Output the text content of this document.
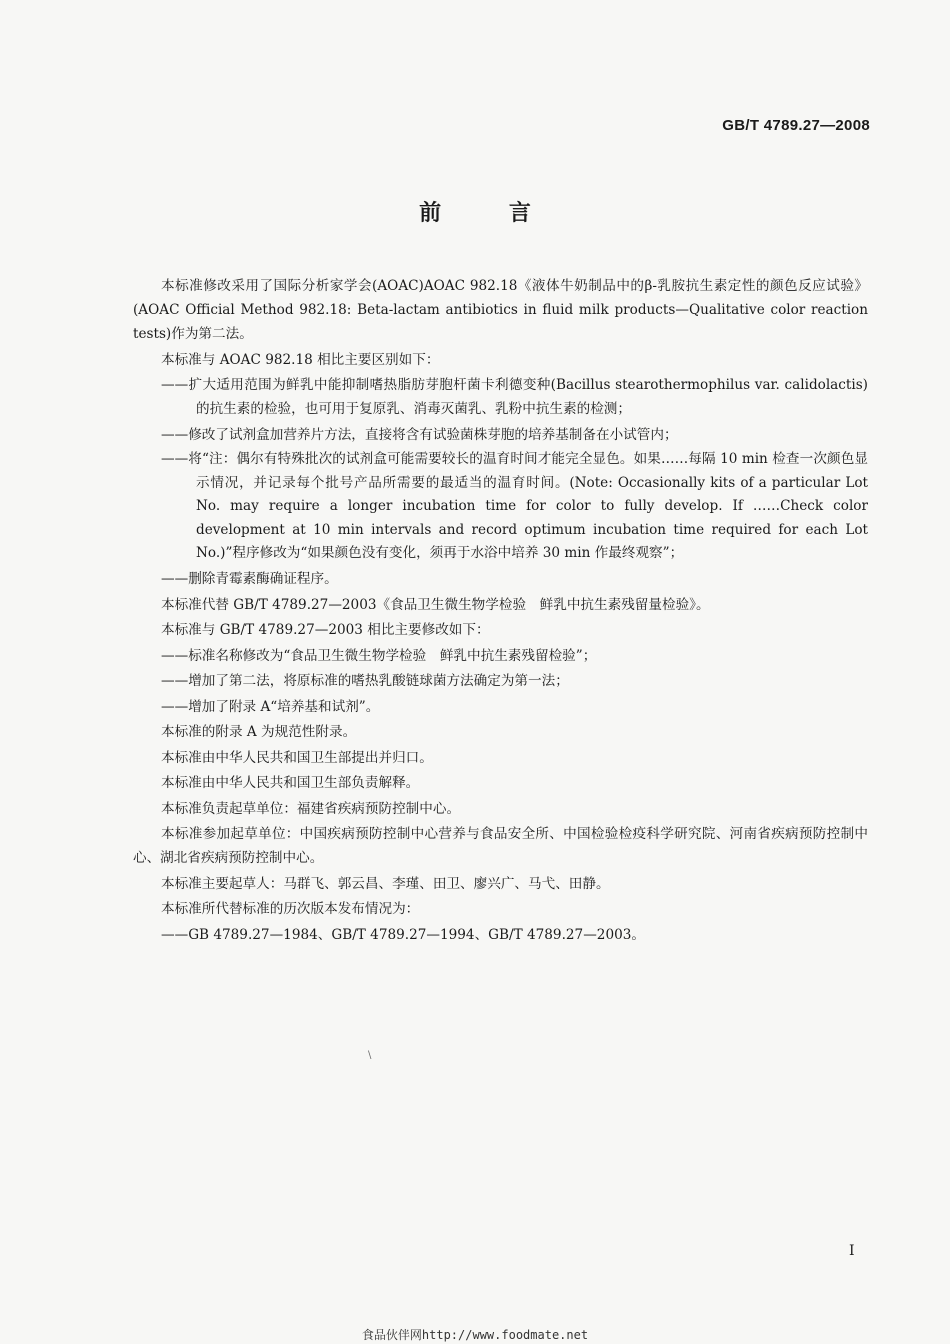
GB/T 4789.27—2008
前 言

本标准修改采用了国际分析家学会(AOAC)AOAC 982.18《液体牛奶制品中的β-乳胺抗生素定性的颜色反应试验》(AOAC Official Method 982.18: Beta-lactam antibiotics in fluid milk products—Qualitative color reaction tests)作为第二法。

本标准与 AOAC 982.18 相比主要区别如下：

——扩大适用范围为鲜乳中能抑制嗜热脂肪芽胞杆菌卡利德变种(Bacillus stearothermophilus var. calidolactis)的抗生素的检验，也可用于复原乳、消毒灭菌乳、乳粉中抗生素的检测；

——修改了试剂盒加营养片方法，直接将含有试验菌株芽胞的培养基制备在小试管内；

——将“注：偶尔有特殊批次的试剂盒可能需要较长的温育时间才能完全显色。如果……每隔 10 min 检查一次颜色显示情况，并记录每个批号产品所需要的最适当的温育时间。(Note: Occasionally kits of a particular Lot No. may require a longer incubation time for color to fully develop. If ……Check color development at 10 min intervals and record optimum incubation time required for each Lot No.)”程序修改为“如果颜色没有变化，须再于水浴中培养 30 min 作最终观察”；

——删除青霉素酶确证程序。

本标准代替 GB/T 4789.27—2003《食品卫生微生物学检验　鲜乳中抗生素残留量检验》。

本标准与 GB/T 4789.27—2003 相比主要修改如下：

——标准名称修改为“食品卫生微生物学检验　鲜乳中抗生素残留检验”；

——增加了第二法，将原标准的嗜热乳酸链球菌方法确定为第一法；

——增加了附录 A“培养基和试剂”。

本标准的附录 A 为规范性附录。

本标准由中华人民共和国卫生部提出并归口。

本标准由中华人民共和国卫生部负责解释。

本标准负责起草单位：福建省疾病预防控制中心。

本标准参加起草单位：中国疾病预防控制中心营养与食品安全所、中国检验检疫科学研究院、河南省疾病预防控制中心、湖北省疾病预防控制中心。

本标准主要起草人：马群飞、郭云昌、李瑾、田卫、廖兴广、马弋、田静。

本标准所代替标准的历次版本发布情况为：

——GB 4789.27—1984、GB/T 4789.27—1994、GB/T 4789.27—2003。

\
I
食品伙伴网http://www.foodmate.net
